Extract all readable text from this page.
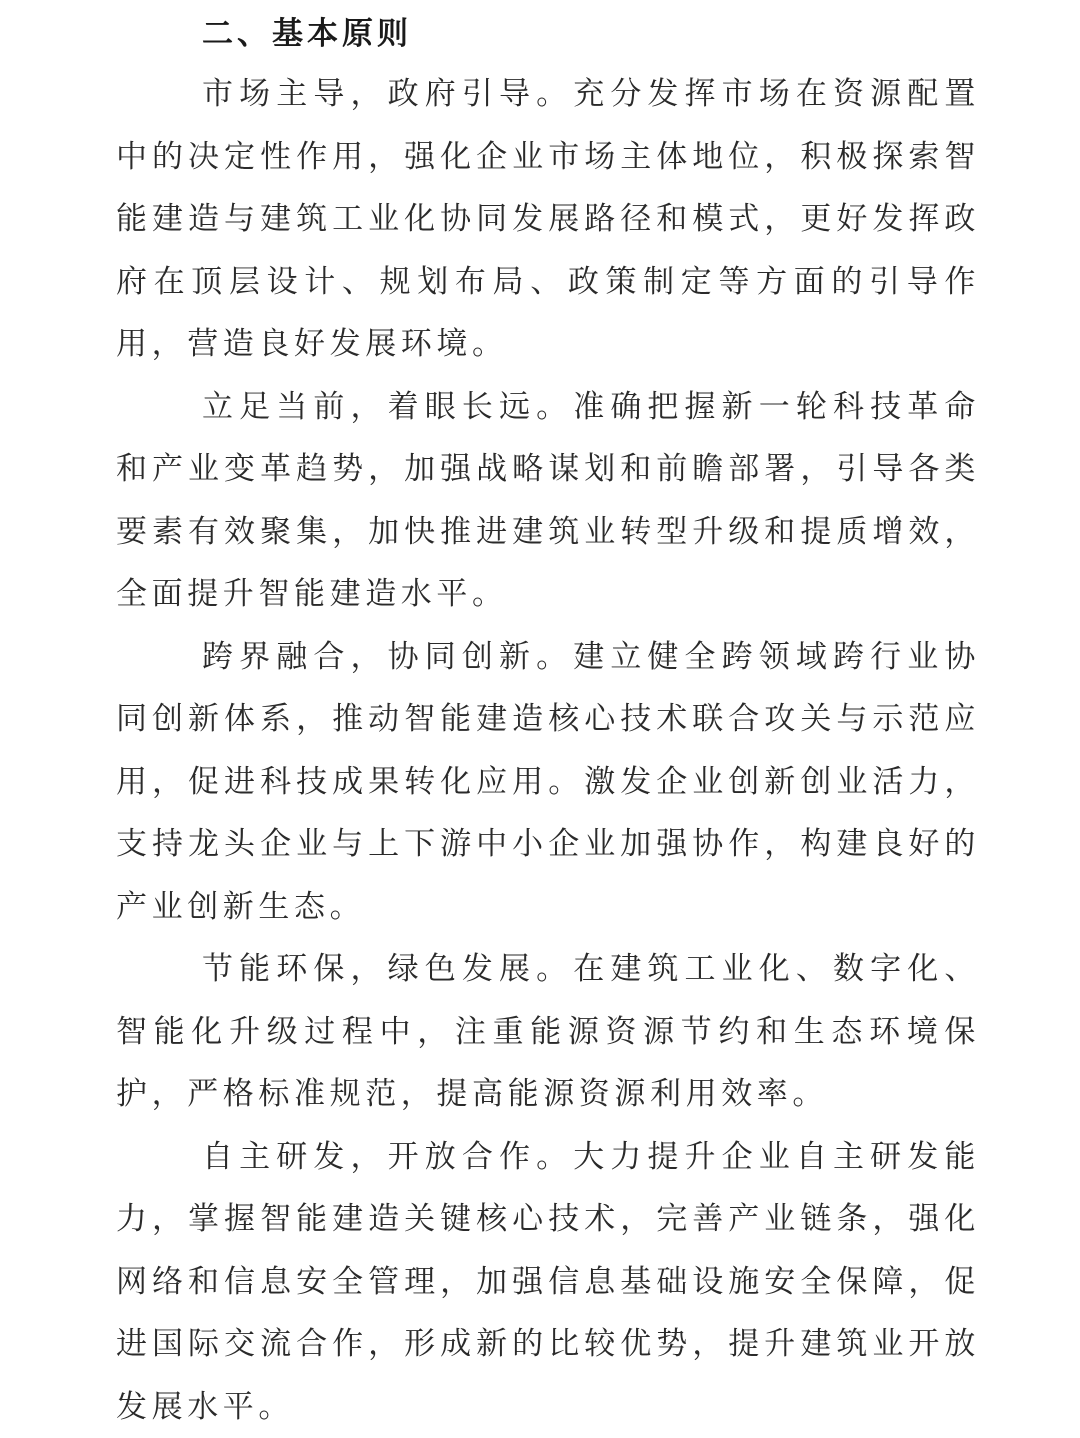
二、基本原则

市场主导，政府引导。充分发挥市场在资源配置中的决定性作用，强化企业市场主体地位，积极探索智能建造与建筑工业化协同发展路径和模式，更好发挥政府在顶层设计、规划布局、政策制定等方面的引导作用，营造良好发展环境。

立足当前，着眼长远。准确把握新一轮科技革命和产业变革趋势，加强战略谋划和前瞻部署，引导各类要素有效聚集，加快推进建筑业转型升级和提质增效，全面提升智能建造水平。

跨界融合，协同创新。建立健全跨领域跨行业协同创新体系，推动智能建造核心技术联合攻关与示范应用，促进科技成果转化应用。激发企业创新创业活力，支持龙头企业与上下游中小企业加强协作，构建良好的产业创新生态。

节能环保，绿色发展。在建筑工业化、数字化、智能化升级过程中，注重能源资源节约和生态环境保护，严格标准规范，提高能源资源利用效率。

自主研发，开放合作。大力提升企业自主研发能力，掌握智能建造关键核心技术，完善产业链条，强化网络和信息安全管理，加强信息基础设施安全保障，促进国际交流合作，形成新的比较优势，提升建筑业开放发展水平。
